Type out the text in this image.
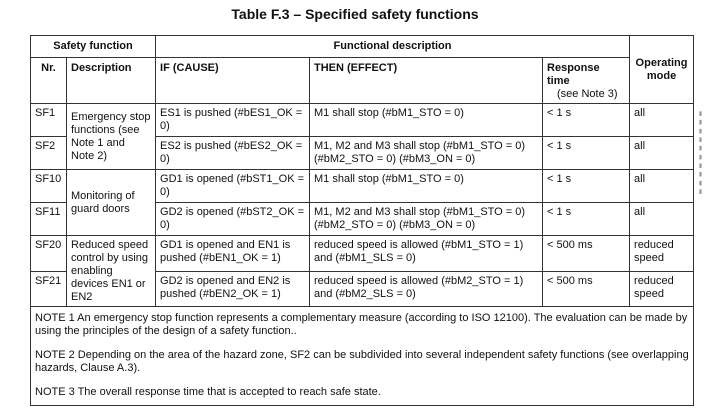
Table F.3 – Specified safety functions
Safety function		Functional description			Operating mode
Nr.	Description	IF (CAUSE)	THEN (EFFECT)	Response time
(see Note 3)	

SF1	Emergency stop functions (see Note 1 and Note 2)	ES1 is pushed (#bES1_OK = 0)	M1 shall stop (#bM1_STO = 0)	< 1 s	all
SF2		ES2 is pushed (#bES2_OK = 0)	M1, M2 and M3 shall stop (#bM1_STO = 0) (#bM2_STO = 0) (#bM3_ON = 0)	< 1 s	all
SF10	Monitoring of guard doors	GD1 is opened (#bST1_OK = 0)	M1 shall stop (#bM1_STO = 0)	< 1 s	all
SF11		GD2 is opened (#bST2_OK = 0)	M1, M2 and M3 shall stop (#bM1_STO = 0) (#bM2_STO = 0) (#bM3_ON = 0)	< 1 s	all
SF20	Reduced speed control by using enabling devices EN1 or EN2	GD1 is opened and EN1 is pushed (#bEN1_OK = 1)	reduced speed is allowed (#bM1_STO = 1) and (#bM1_SLS = 0)	< 500 ms	reduced speed
SF21		GD2 is opened and EN2 is pushed (#bEN2_OK = 1)	reduced speed is allowed (#bM2_STO = 1) and (#bM2_SLS = 0)	< 500 ms	reduced speed

NOTE 1 An emergency stop function represents a complementary measure (according to ISO 12100). The evaluation can be made by using the principles of the design of a safety function..

NOTE 2 Depending on the area of the hazard zone, SF2 can be subdivided into several independent safety functions (see overlapping hazards, Clause A.3).

NOTE 3 The overall response time that is accepted to reach safe state.					

▮ ▮ ▮ ▮ ▮ ▮ ▮ ▮ ▮ ▮
